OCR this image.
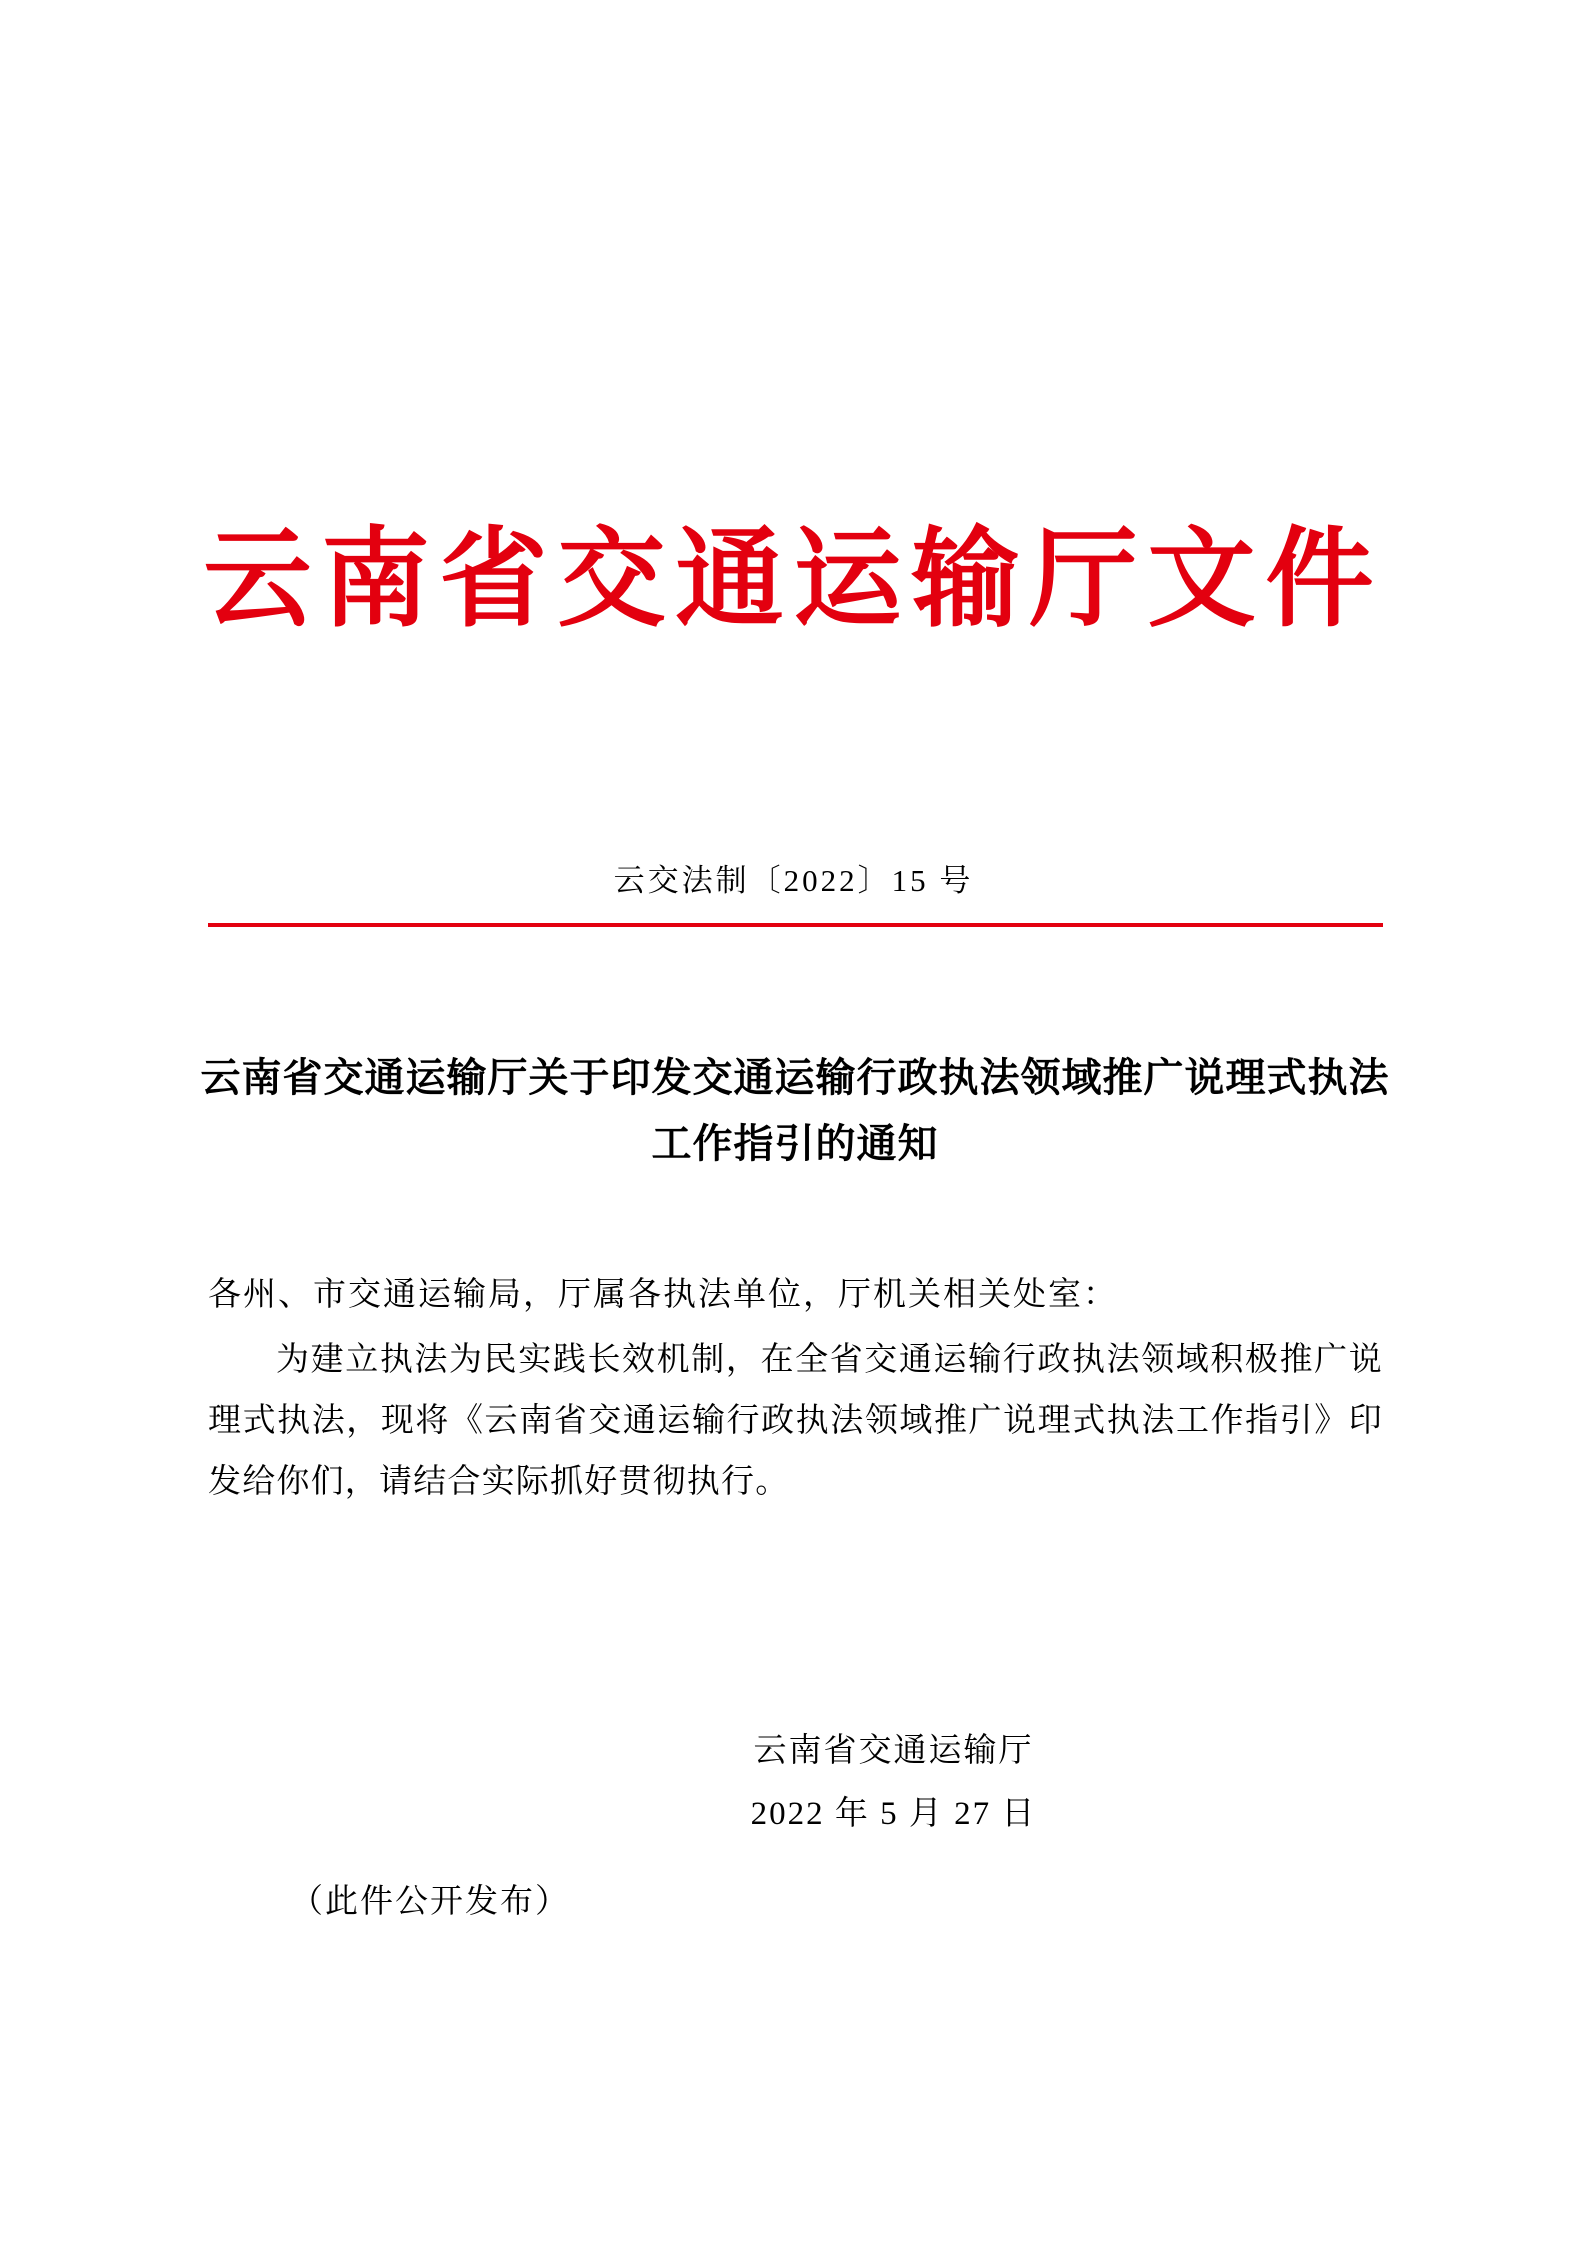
云南省交通运输厅文件
云交法制〔2022〕15 号
云南省交通运输厅关于印发交通运输行政执法领域推广说理式执法工作指引的通知

各州、市交通运输局，厅属各执法单位，厅机关相关处室：

为建立执法为民实践长效机制，在全省交通运输行政执法领域积极推广说理式执法，现将《云南省交通运输行政执法领域推广说理式执法工作指引》印发给你们，请结合实际抓好贯彻执行。

云南省交通运输厅
2022 年 5 月 27 日
（此件公开发布）
